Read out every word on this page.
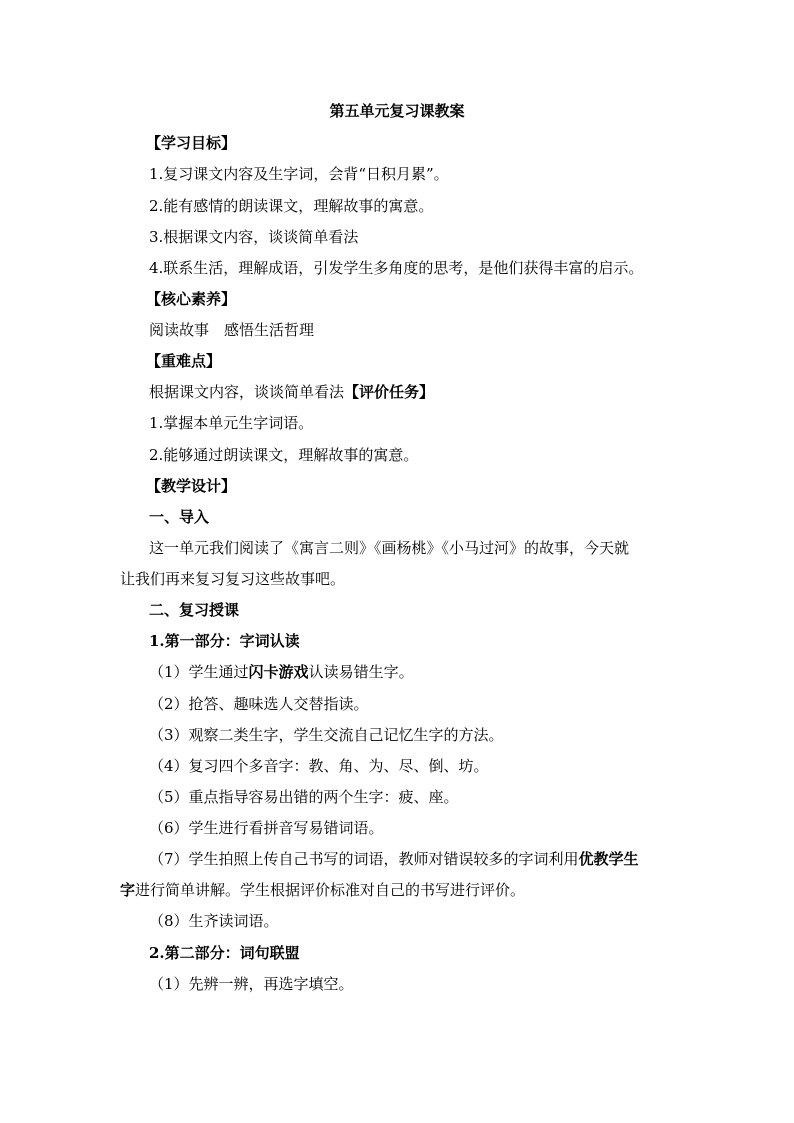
第五单元复习课教案
【学习目标】
1.复习课文内容及生字词，会背“日积月累”。
2.能有感情的朗读课文，理解故事的寓意。
3.根据课文内容，谈谈简单看法
4.联系生活，理解成语，引发学生多角度的思考，是他们获得丰富的启示。
【核心素养】
阅读故事　感悟生活哲理
【重难点】
根据课文内容，谈谈简单看法【评价任务】
1.掌握本单元生字词语。
2.能够通过朗读课文，理解故事的寓意。
【教学设计】
一、导入
这一单元我们阅读了《寓言二则》《画杨桃》《小马过河》的故事，今天就
让我们再来复习复习这些故事吧。
二、复习授课
1.第一部分：字词认读
（1）学生通过闪卡游戏认读易错生字。
（2）抢答、趣味选人交替指读。
（3）观察二类生字，学生交流自己记忆生字的方法。
（4）复习四个多音字：教、角、为、尽、倒、坊。
（5）重点指导容易出错的两个生字：疲、座。
（6）学生进行看拼音写易错词语。
（7）学生拍照上传自己书写的词语，教师对错误较多的字词利用优教学生
字进行简单讲解。学生根据评价标准对自己的书写进行评价。
（8）生齐读词语。
2.第二部分：词句联盟
（1）先辨一辨，再选字填空。
